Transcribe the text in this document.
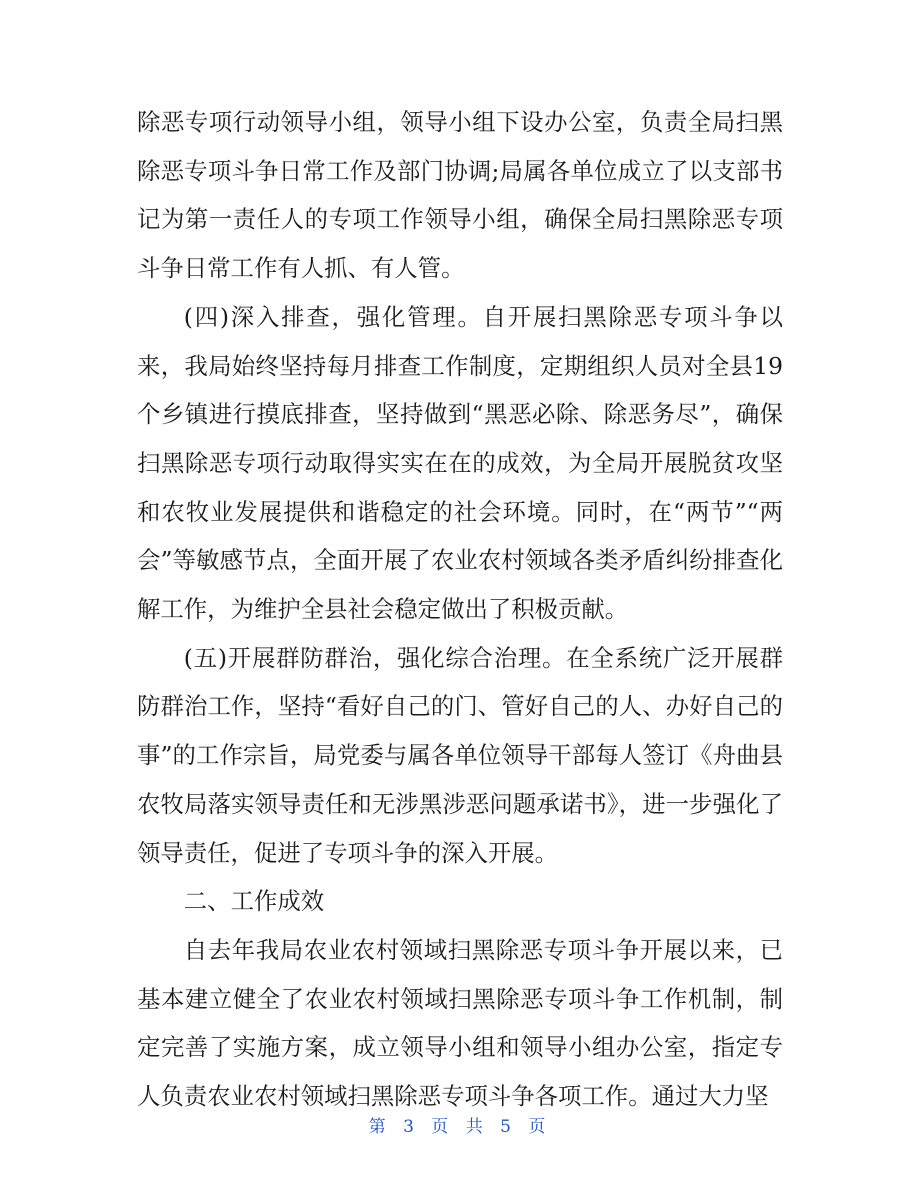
除恶专项行动领导小组，领导小组下设办公室，负责全局扫黑除恶专项斗争日常工作及部门协调;局属各单位成立了以支部书记为第一责任人的专项工作领导小组，确保全局扫黑除恶专项斗争日常工作有人抓、有人管。

(四)深入排查，强化管理。自开展扫黑除恶专项斗争以来，我局始终坚持每月排查工作制度，定期组织人员对全县19个乡镇进行摸底排查，坚持做到“黑恶必除、除恶务尽”，确保扫黑除恶专项行动取得实实在在的成效，为全局开展脱贫攻坚和农牧业发展提供和谐稳定的社会环境。同时，在“两节”“两会”等敏感节点，全面开展了农业农村领域各类矛盾纠纷排查化解工作，为维护全县社会稳定做出了积极贡献。

(五)开展群防群治，强化综合治理。在全系统广泛开展群防群治工作，坚持“看好自己的门、管好自己的人、办好自己的事”的工作宗旨，局党委与属各单位领导干部每人签订《舟曲县农牧局落实领导责任和无涉黑涉恶问题承诺书》，进一步强化了领导责任，促进了专项斗争的深入开展。

二、工作成效

自去年我局农业农村领域扫黑除恶专项斗争开展以来，已基本建立健全了农业农村领域扫黑除恶专项斗争工作机制，制定完善了实施方案，成立领导小组和领导小组办公室，指定专人负责农业农村领域扫黑除恶专项斗争各项工作。通过大力坚

第 3 页 共 5 页
